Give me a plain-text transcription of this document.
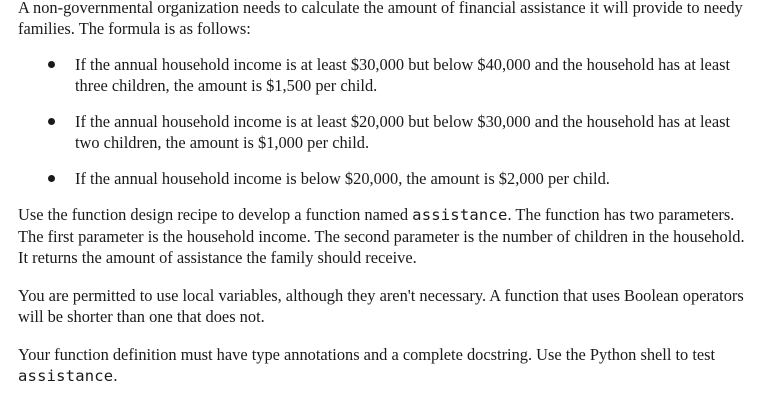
A non-governmental organization needs to calculate the amount of financial assistance it will provide to needy families. The formula is as follows:

If the annual household income is at least $30,000 but below $40,000 and the household has at least three children, the amount is $1,500 per child.
If the annual household income is at least $20,000 but below $30,000 and the household has at least two children, the amount is $1,000 per child.
If the annual household income is below $20,000, the amount is $2,000 per child.

Use the function design recipe to develop a function named assistance. The function has two parameters. The first parameter is the household income. The second parameter is the number of children in the household. It returns the amount of assistance the family should receive.

You are permitted to use local variables, although they aren't necessary. A function that uses Boolean operators will be shorter than one that does not.

Your function definition must have type annotations and a complete docstring. Use the Python shell to test assistance.
